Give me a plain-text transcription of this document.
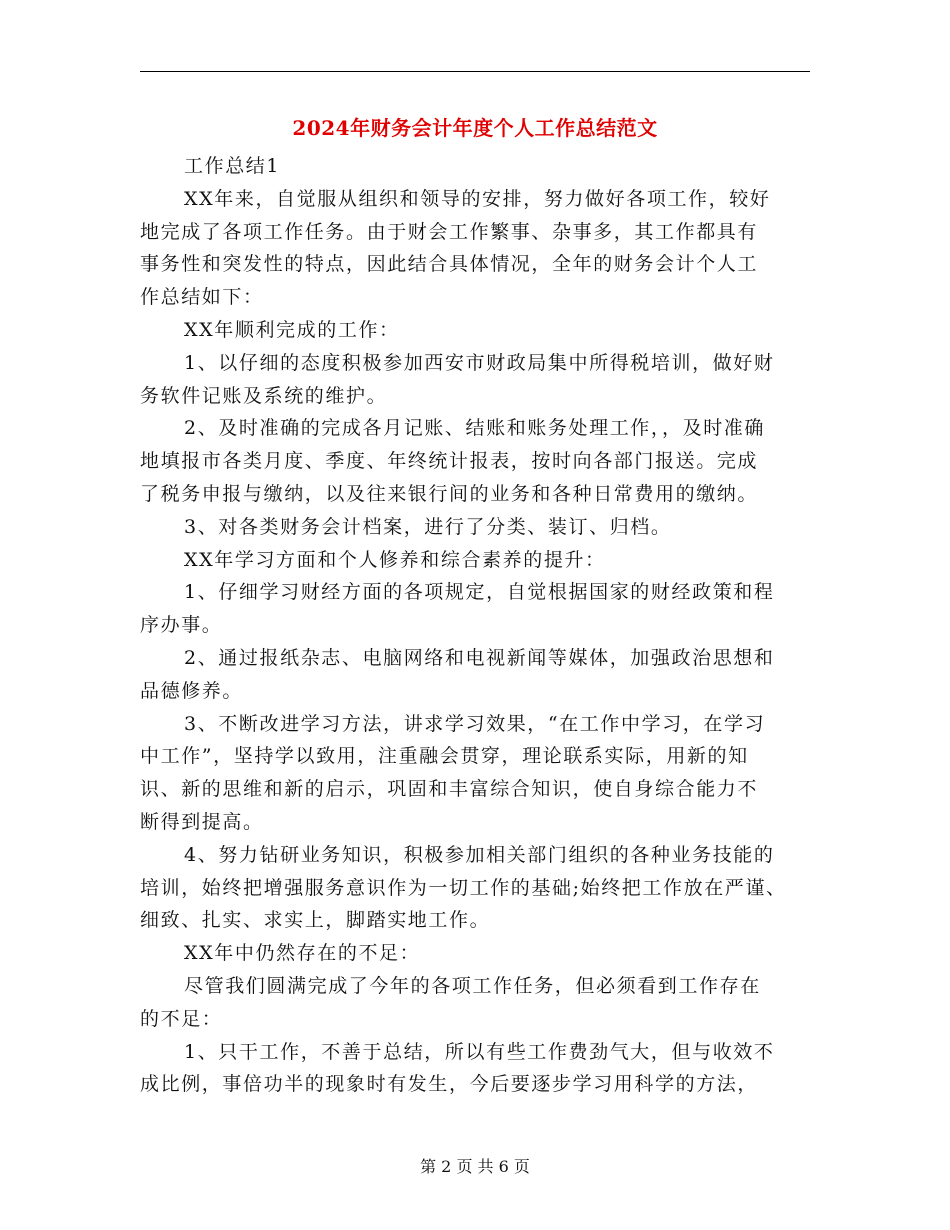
2024年财务会计年度个人工作总结范文
工作总结1
XX年来，自觉服从组织和领导的安排，努力做好各项工作，较好
地完成了各项工作任务。由于财会工作繁事、杂事多，其工作都具有
事务性和突发性的特点，因此结合具体情况，全年的财务会计个人工
作总结如下：
XX年顺利完成的工作：
1、以仔细的态度积极参加西安市财政局集中所得税培训，做好财
务软件记账及系统的维护。
2、及时准确的完成各月记账、结账和账务处理工作，，及时准确
地填报市各类月度、季度、年终统计报表，按时向各部门报送。完成
了税务申报与缴纳，以及往来银行间的业务和各种日常费用的缴纳。
3、对各类财务会计档案，进行了分类、装订、归档。
XX年学习方面和个人修养和综合素养的提升：
1、仔细学习财经方面的各项规定，自觉根据国家的财经政策和程
序办事。
2、通过报纸杂志、电脑网络和电视新闻等媒体，加强政治思想和
品德修养。
3、不断改进学习方法，讲求学习效果，“在工作中学习，在学习
中工作”，坚持学以致用，注重融会贯穿，理论联系实际，用新的知
识、新的思维和新的启示，巩固和丰富综合知识，使自身综合能力不
断得到提高。
4、努力钻研业务知识，积极参加相关部门组织的各种业务技能的
培训，始终把增强服务意识作为一切工作的基础;始终把工作放在严谨、
细致、扎实、求实上，脚踏实地工作。
XX年中仍然存在的不足：
尽管我们圆满完成了今年的各项工作任务，但必须看到工作存在
的不足：
1、只干工作，不善于总结，所以有些工作费劲气大，但与收效不
成比例，事倍功半的现象时有发生，今后要逐步学习用科学的方法，
第 2 页 共 6 页
